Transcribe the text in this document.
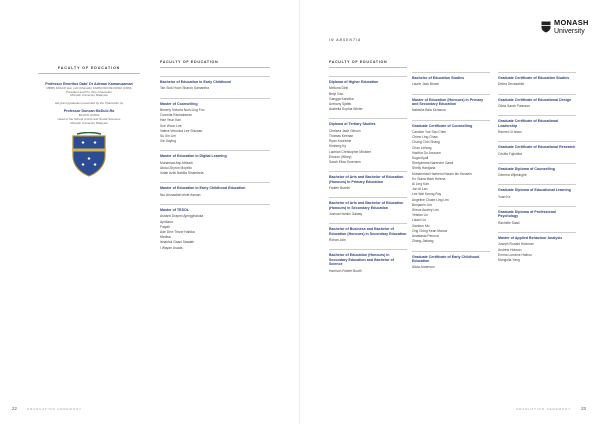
FACULTY OF EDUCATION
Professor Emeritus Dato' Dr Adenan Kamaruzaman
MBBS FRACP Hon LLD (Monash) FAMM FRCPE FRSM (CRM)
President and Pro Vice-Chancellor
Monash University Malaysia
will grant graduates presented by the Chancellor by
Professor Duncan McDuie-Ra
BA PhD UNSW
Head of the School of Arts and Social Sciences
Monash University Malaysia
FACULTY OF EDUCATION
Bachelor of Education in Early Childhood
Tan Siok Hoon Sharon Samantha
Master of Counselling
Beverly Victoria Nuin-Ling Foo
Cornelia Ravindranan
Hae Yeun Kan
Sue Woon Lee
Valera Veronica Lee Shuwan
Su Xin Lim
Xie Jiaying
Master of Education in Digital Learning
Muhamad Aiqi Afrizadi
Abdul Zhyron Moyello
Indah Aziki Nabilia Sinambela
Master of Education in Early Childhood Education
Nur Ainnadilah binte Asman
Master of TESOL
Ashanti Drapmi Ajengphaloka
Apriliana
Fatyah
Ade Devi Trisne Hartika
Medisa
Ishakhul Gaaci Saadah
I Wayan Usada
IN ABSENTIA
FACULTY OF EDUCATION
Diploma of Higher Education
Meiluna Dinh
Beiyi Gao
Gangga Kandika
Anthony Sjafek
Arabella Sophia Winter
Diploma of Tertiary Studies
Chelsea Jade Gibson
Thomas Keenan
Ryan Koorinkle
Kimberg Ky
Lachlan Christopher Minister
Ericson (Whey)
Sarah Eliza Sorensen
Bachelor of Arts and Bachelor of Education (Honours) in Primary Education
Fadieh Bushiri
Bachelor of Arts and Bachelor of Education (Honours) in Secondary Education
Joshua Hamlin Gaiday
Bachelor of Business and Bachelor of Education (Honours) in Secondary Education
Rohan Jain
Bachelor of Education (Honours) in Secondary Education and Bachelor of Science
Harrison Robert Booth
Bachelor of Education Studies
Laurie Jack Brown
Master of Education (Honours) in Primary and Secondary Education
Natasha Bala Kerasiva
Graduate Certificate of Counselling
Candice Yue Sau Chen
Chiew Ling Chaw
Chang Chin Shang
Chan Linlang
Vazitha Do Anuvam
Sugai Ayali
Shelyamma Narendre Gawli
Shelly Hardjana
Muhammad Hazherul Nizam bin Hussein
En Giana Mark Helena
Ai Ling Kah
Jun Ai Lan
Lee Wai Keong Roy
Angeline Chase Ling Lim
Benjamin Lim
Sheus Audrey Lim
Yeistan Lin
Lisani Liu
Xiankun Mu
Ong Ching Kean Marcia
Anastasia Penova
Zhang Jialiang
Graduate Certificate of Early Childhood Education
Alicia Anderson
Graduate Certificate of Education Studies
Debra Devasahiie
Graduate Certificate of Educational Design
Olivia Sarah Paterson
Graduate Certificate of Educational Leadership
Ramrel Ul Islam
Graduate Certificate of Educational Research
Cecilia Fujishiba
Graduate Diploma of Counselling
Gemma Wijesinghe
Graduate Diploma of Educational Learning
Yuan Ke
Graduate Diploma of Professional Psychology
Rachelle Saad
Master of Applied Behaviour Analysis
Joseph Ronald Hickman
Andrew Hobson
Emma Lorraine Holbon
Mongolia Yang
MONASH
University
22	GRADUATION CEREMONY	GRADUATION CEREMONY 23
